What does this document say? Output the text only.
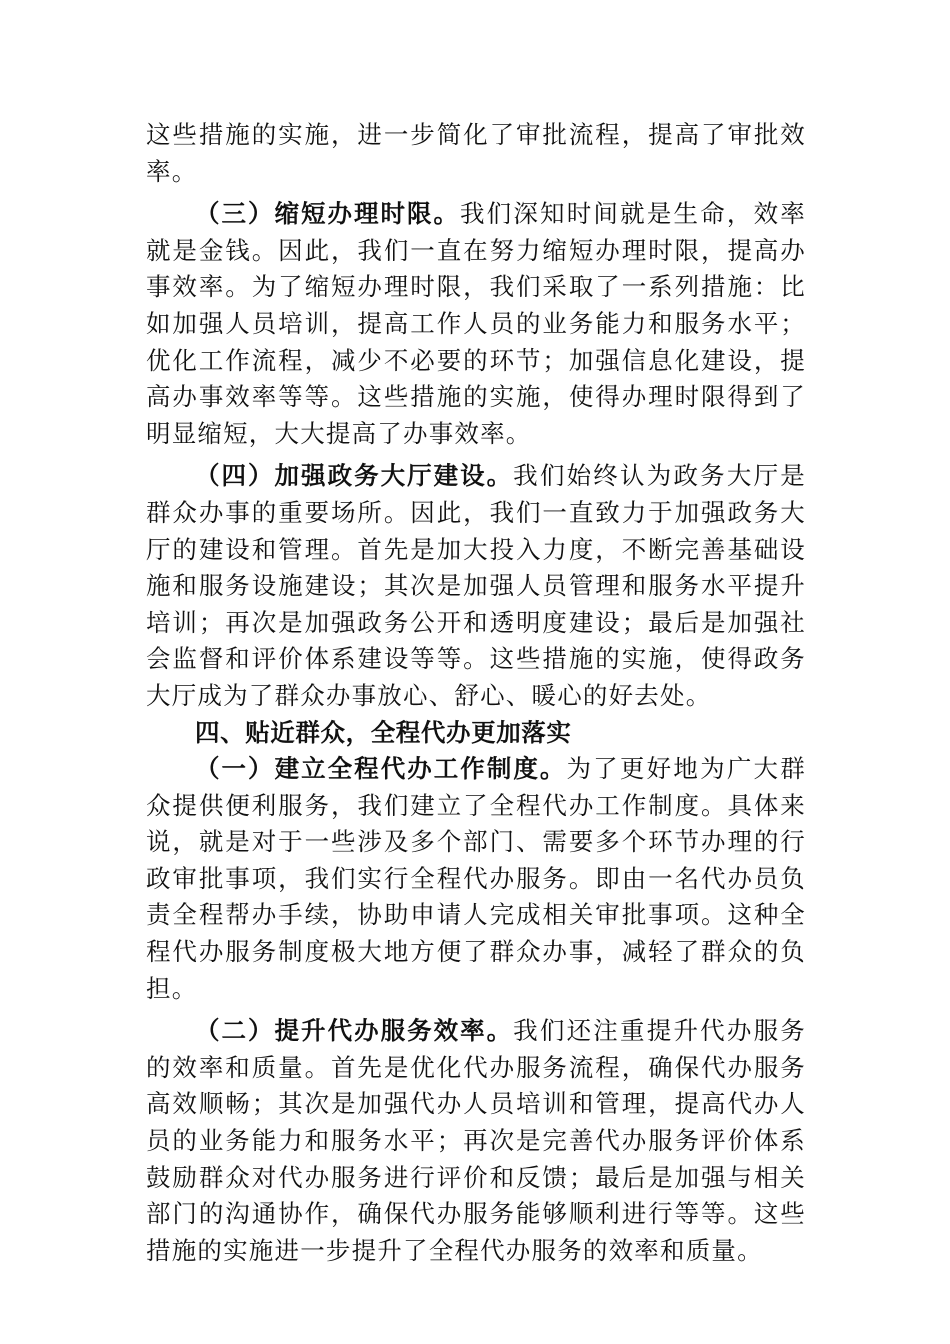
这些措施的实施，进一步简化了审批流程，提高了审批效率。

（三）缩短办理时限。我们深知时间就是生命，效率就是金钱。因此，我们一直在努力缩短办理时限，提高办事效率。为了缩短办理时限，我们采取了一系列措施：比如加强人员培训，提高工作人员的业务能力和服务水平；优化工作流程，减少不必要的环节；加强信息化建设，提高办事效率等等。这些措施的实施，使得办理时限得到了明显缩短，大大提高了办事效率。

（四）加强政务大厅建设。我们始终认为政务大厅是群众办事的重要场所。因此，我们一直致力于加强政务大厅的建设和管理。首先是加大投入力度，不断完善基础设施和服务设施建设；其次是加强人员管理和服务水平提升培训；再次是加强政务公开和透明度建设；最后是加强社会监督和评价体系建设等等。这些措施的实施，使得政务大厅成为了群众办事放心、舒心、暖心的好去处。

四、贴近群众，全程代办更加落实

（一）建立全程代办工作制度。为了更好地为广大群众提供便利服务，我们建立了全程代办工作制度。具体来说，就是对于一些涉及多个部门、需要多个环节办理的行政审批事项，我们实行全程代办服务。即由一名代办员负责全程帮办手续，协助申请人完成相关审批事项。这种全程代办服务制度极大地方便了群众办事，减轻了群众的负担。

（二）提升代办服务效率。我们还注重提升代办服务的效率和质量。首先是优化代办服务流程，确保代办服务高效顺畅；其次是加强代办人员培训和管理，提高代办人员的业务能力和服务水平；再次是完善代办服务评价体系鼓励群众对代办服务进行评价和反馈；最后是加强与相关部门的沟通协作，确保代办服务能够顺利进行等等。这些措施的实施进一步提升了全程代办服务的效率和质量。
